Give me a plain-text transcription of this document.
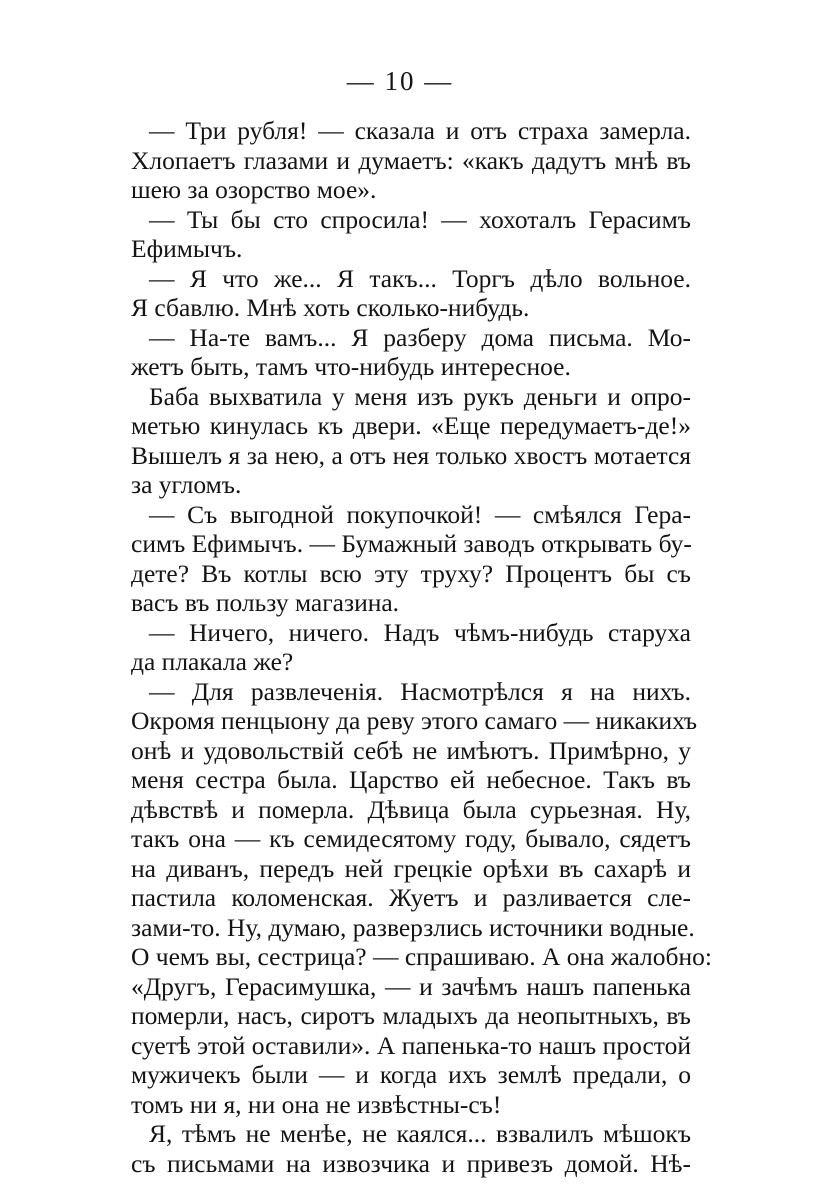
— 10 —
— Три рубля! — сказала и отъ страха замерла.
Хлопаетъ глазами и думаетъ: «какъ дадутъ мнѣ въ
шею за озорство мое».
— Ты бы сто спросила! — хохоталъ Герасимъ
Ефимычъ.
— Я что же... Я такъ... Торгъ дѣло вольное.
Я сбавлю. Мнѣ хоть сколько-нибудь.
— На-те вамъ... Я разберу дома письма. Мо-
жетъ быть, тамъ что-нибудь интересное.
Баба выхватила у меня изъ рукъ деньги и опро-
метью кинулась къ двери. «Еще передумаетъ-де!»
Вышелъ я за нею, а отъ нея только хвостъ мотается
за угломъ.
— Съ выгодной покупочкой! — смѣялся Гера-
симъ Ефимычъ. — Бумажный заводъ открывать бу-
дете? Въ котлы всю эту труху? Процентъ бы съ
васъ въ пользу магазина.
— Ничего, ничего. Надъ чѣмъ-нибудь старуха
да плакала же?
— Для развлеченія. Насмотрѣлся я на нихъ.
Окромя пенцыону да реву этого самаго — никакихъ
онѣ и удовольствій себѣ не имѣютъ. Примѣрно, у
меня сестра была. Царство ей небесное. Такъ въ
дѣвствѣ и померла. Дѣвица была сурьезная. Ну,
такъ она — къ семидесятому году, бывало, сядетъ
на диванъ, передъ ней грецкіе орѣхи въ сахарѣ и
пастила коломенская. Жуетъ и разливается сле-
зами-то. Ну, думаю, разверзлись источники водные.
О чемъ вы, сестрица? — спрашиваю. А она жалобно:
«Другъ, Герасимушка, — и зачѣмъ нашъ папенька
померли, насъ, сиротъ младыхъ да неопытныхъ, въ
суетѣ этой оставили». А папенька-то нашъ простой
мужичекъ были — и когда ихъ землѣ предали, о
томъ ни я, ни она не извѣстны-съ!
Я, тѣмъ не менѣе, не каялся... взвалилъ мѣшокъ
съ письмами на извозчика и привезъ домой. Нѣ-
